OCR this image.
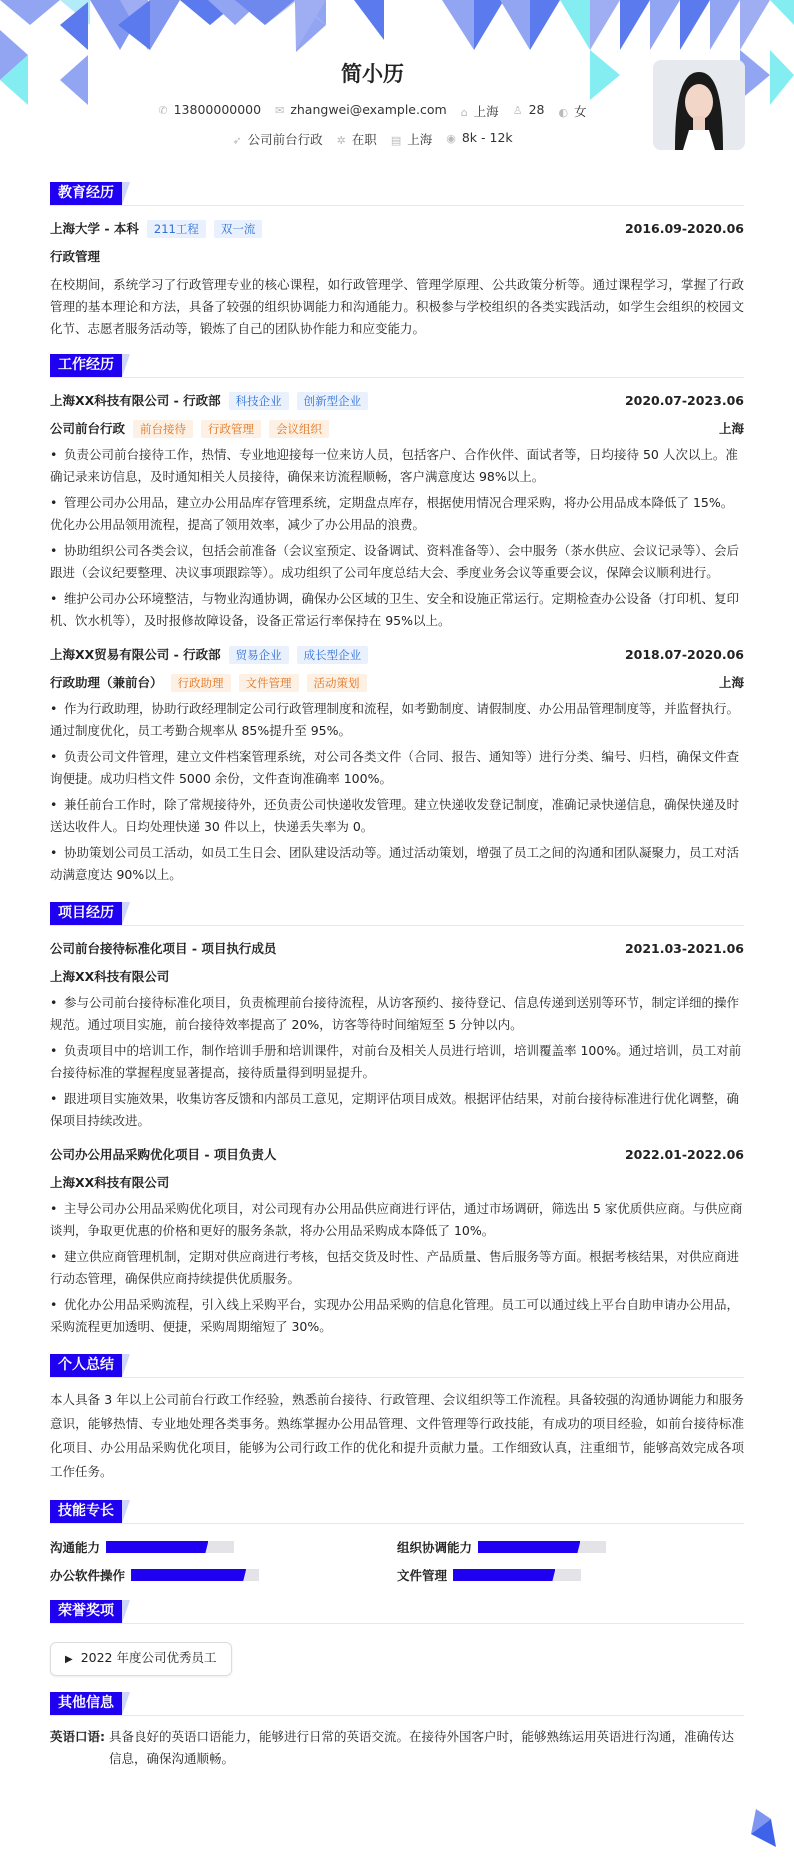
简小历
✆ 13800000000 ✉ zhangwei@example.com ⌂ 上海 ♙ 28 ◐ 女
➶ 公司前台行政 ✲ 在职 ▤ 上海 ◉ 8k - 12k
教育经历
上海大学 - 本科 211工程 双一流	2016.09-2020.06
行政管理

在校期间，系统学习了行政管理专业的核心课程，如行政管理学、管理学原理、公共政策分析等。通过课程学习，掌握了行政管理的基本理论和方法，具备了较强的组织协调能力和沟通能力。积极参与学校组织的各类实践活动，如学生会组织的校园文化节、志愿者服务活动等，锻炼了自己的团队协作能力和应变能力。

工作经历
上海XX科技有限公司 - 行政部 科技企业 创新型企业	2020.07-2023.06
公司前台行政 前台接待 行政管理 会议组织	上海
• 负责公司前台接待工作，热情、专业地迎接每一位来访人员，包括客户、合作伙伴、面试者等，日均接待 50 人次以上。准确记录来访信息，及时通知相关人员接待，确保来访流程顺畅，客户满意度达 98%以上。
• 管理公司办公用品，建立办公用品库存管理系统，定期盘点库存，根据使用情况合理采购，将办公用品成本降低了 15%。优化办公用品领用流程，提高了领用效率，减少了办公用品的浪费。
• 协助组织公司各类会议，包括会前准备（会议室预定、设备调试、资料准备等）、会中服务（茶水供应、会议记录等）、会后跟进（会议纪要整理、决议事项跟踪等）。成功组织了公司年度总结大会、季度业务会议等重要会议，保障会议顺利进行。
• 维护公司办公环境整洁，与物业沟通协调，确保办公区域的卫生、安全和设施正常运行。定期检查办公设备（打印机、复印机、饮水机等），及时报修故障设备，设备正常运行率保持在 95%以上。
上海XX贸易有限公司 - 行政部 贸易企业 成长型企业	2018.07-2020.06
行政助理（兼前台） 行政助理 文件管理 活动策划	上海
• 作为行政助理，协助行政经理制定公司行政管理制度和流程，如考勤制度、请假制度、办公用品管理制度等，并监督执行。通过制度优化，员工考勤合规率从 85%提升至 95%。
• 负责公司文件管理，建立文件档案管理系统，对公司各类文件（合同、报告、通知等）进行分类、编号、归档，确保文件查询便捷。成功归档文件 5000 余份，文件查询准确率 100%。
• 兼任前台工作时，除了常规接待外，还负责公司快递收发管理。建立快递收发登记制度，准确记录快递信息，确保快递及时送达收件人。日均处理快递 30 件以上，快递丢失率为 0。
• 协助策划公司员工活动，如员工生日会、团队建设活动等。通过活动策划，增强了员工之间的沟通和团队凝聚力，员工对活动满意度达 90%以上。
项目经历
公司前台接待标准化项目 - 项目执行成员	2021.03-2021.06
上海XX科技有限公司
• 参与公司前台接待标准化项目，负责梳理前台接待流程，从访客预约、接待登记、信息传递到送别等环节，制定详细的操作规范。通过项目实施，前台接待效率提高了 20%，访客等待时间缩短至 5 分钟以内。
• 负责项目中的培训工作，制作培训手册和培训课件，对前台及相关人员进行培训，培训覆盖率 100%。通过培训，员工对前台接待标准的掌握程度显著提高，接待质量得到明显提升。
• 跟进项目实施效果，收集访客反馈和内部员工意见，定期评估项目成效。根据评估结果，对前台接待标准进行优化调整，确保项目持续改进。
公司办公用品采购优化项目 - 项目负责人	2022.01-2022.06
上海XX科技有限公司
• 主导公司办公用品采购优化项目，对公司现有办公用品供应商进行评估，通过市场调研，筛选出 5 家优质供应商。与供应商谈判，争取更优惠的价格和更好的服务条款，将办公用品采购成本降低了 10%。
• 建立供应商管理机制，定期对供应商进行考核，包括交货及时性、产品质量、售后服务等方面。根据考核结果，对供应商进行动态管理，确保供应商持续提供优质服务。
• 优化办公用品采购流程，引入线上采购平台，实现办公用品采购的信息化管理。员工可以通过线上平台自助申请办公用品，采购流程更加透明、便捷，采购周期缩短了 30%。
个人总结

本人具备 3 年以上公司前台行政工作经验，熟悉前台接待、行政管理、会议组织等工作流程。具备较强的沟通协调能力和服务意识，能够热情、专业地处理各类事务。熟练掌握办公用品管理、文件管理等行政技能，有成功的项目经验，如前台接待标准化项目、办公用品采购优化项目，能够为公司行政工作的优化和提升贡献力量。工作细致认真，注重细节，能够高效完成各项工作任务。

技能专长
沟通能力	组织协调能力
办公软件操作	文件管理
荣誉奖项
▶ 2022 年度公司优秀员工
其他信息
英语口语: 具备良好的英语口语能力，能够进行日常的英语交流。在接待外国客户时，能够熟练运用英语进行沟通，准确传达信息，确保沟通顺畅。
